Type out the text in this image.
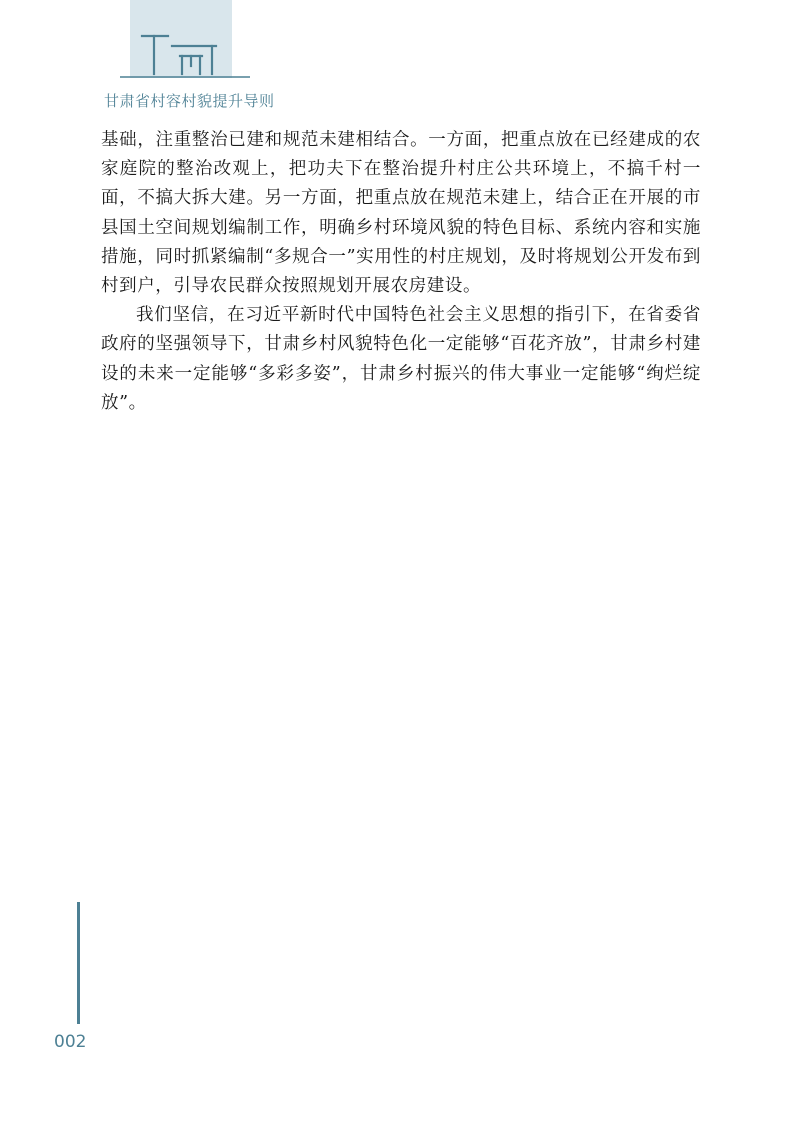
甘肃省村容村貌提升导则

基础，注重整治已建和规范未建相结合。一方面，把重点放在已经建成的农家庭院的整治改观上，把功夫下在整治提升村庄公共环境上，不搞千村一面，不搞大拆大建。另一方面，把重点放在规范未建上，结合正在开展的市县国土空间规划编制工作，明确乡村环境风貌的特色目标、系统内容和实施措施，同时抓紧编制“多规合一”实用性的村庄规划，及时将规划公开发布到村到户，引导农民群众按照规划开展农房建设。

我们坚信，在习近平新时代中国特色社会主义思想的指引下，在省委省政府的坚强领导下，甘肃乡村风貌特色化一定能够“百花齐放”，甘肃乡村建设的未来一定能够“多彩多姿”，甘肃乡村振兴的伟大事业一定能够“绚烂绽放”。

002
